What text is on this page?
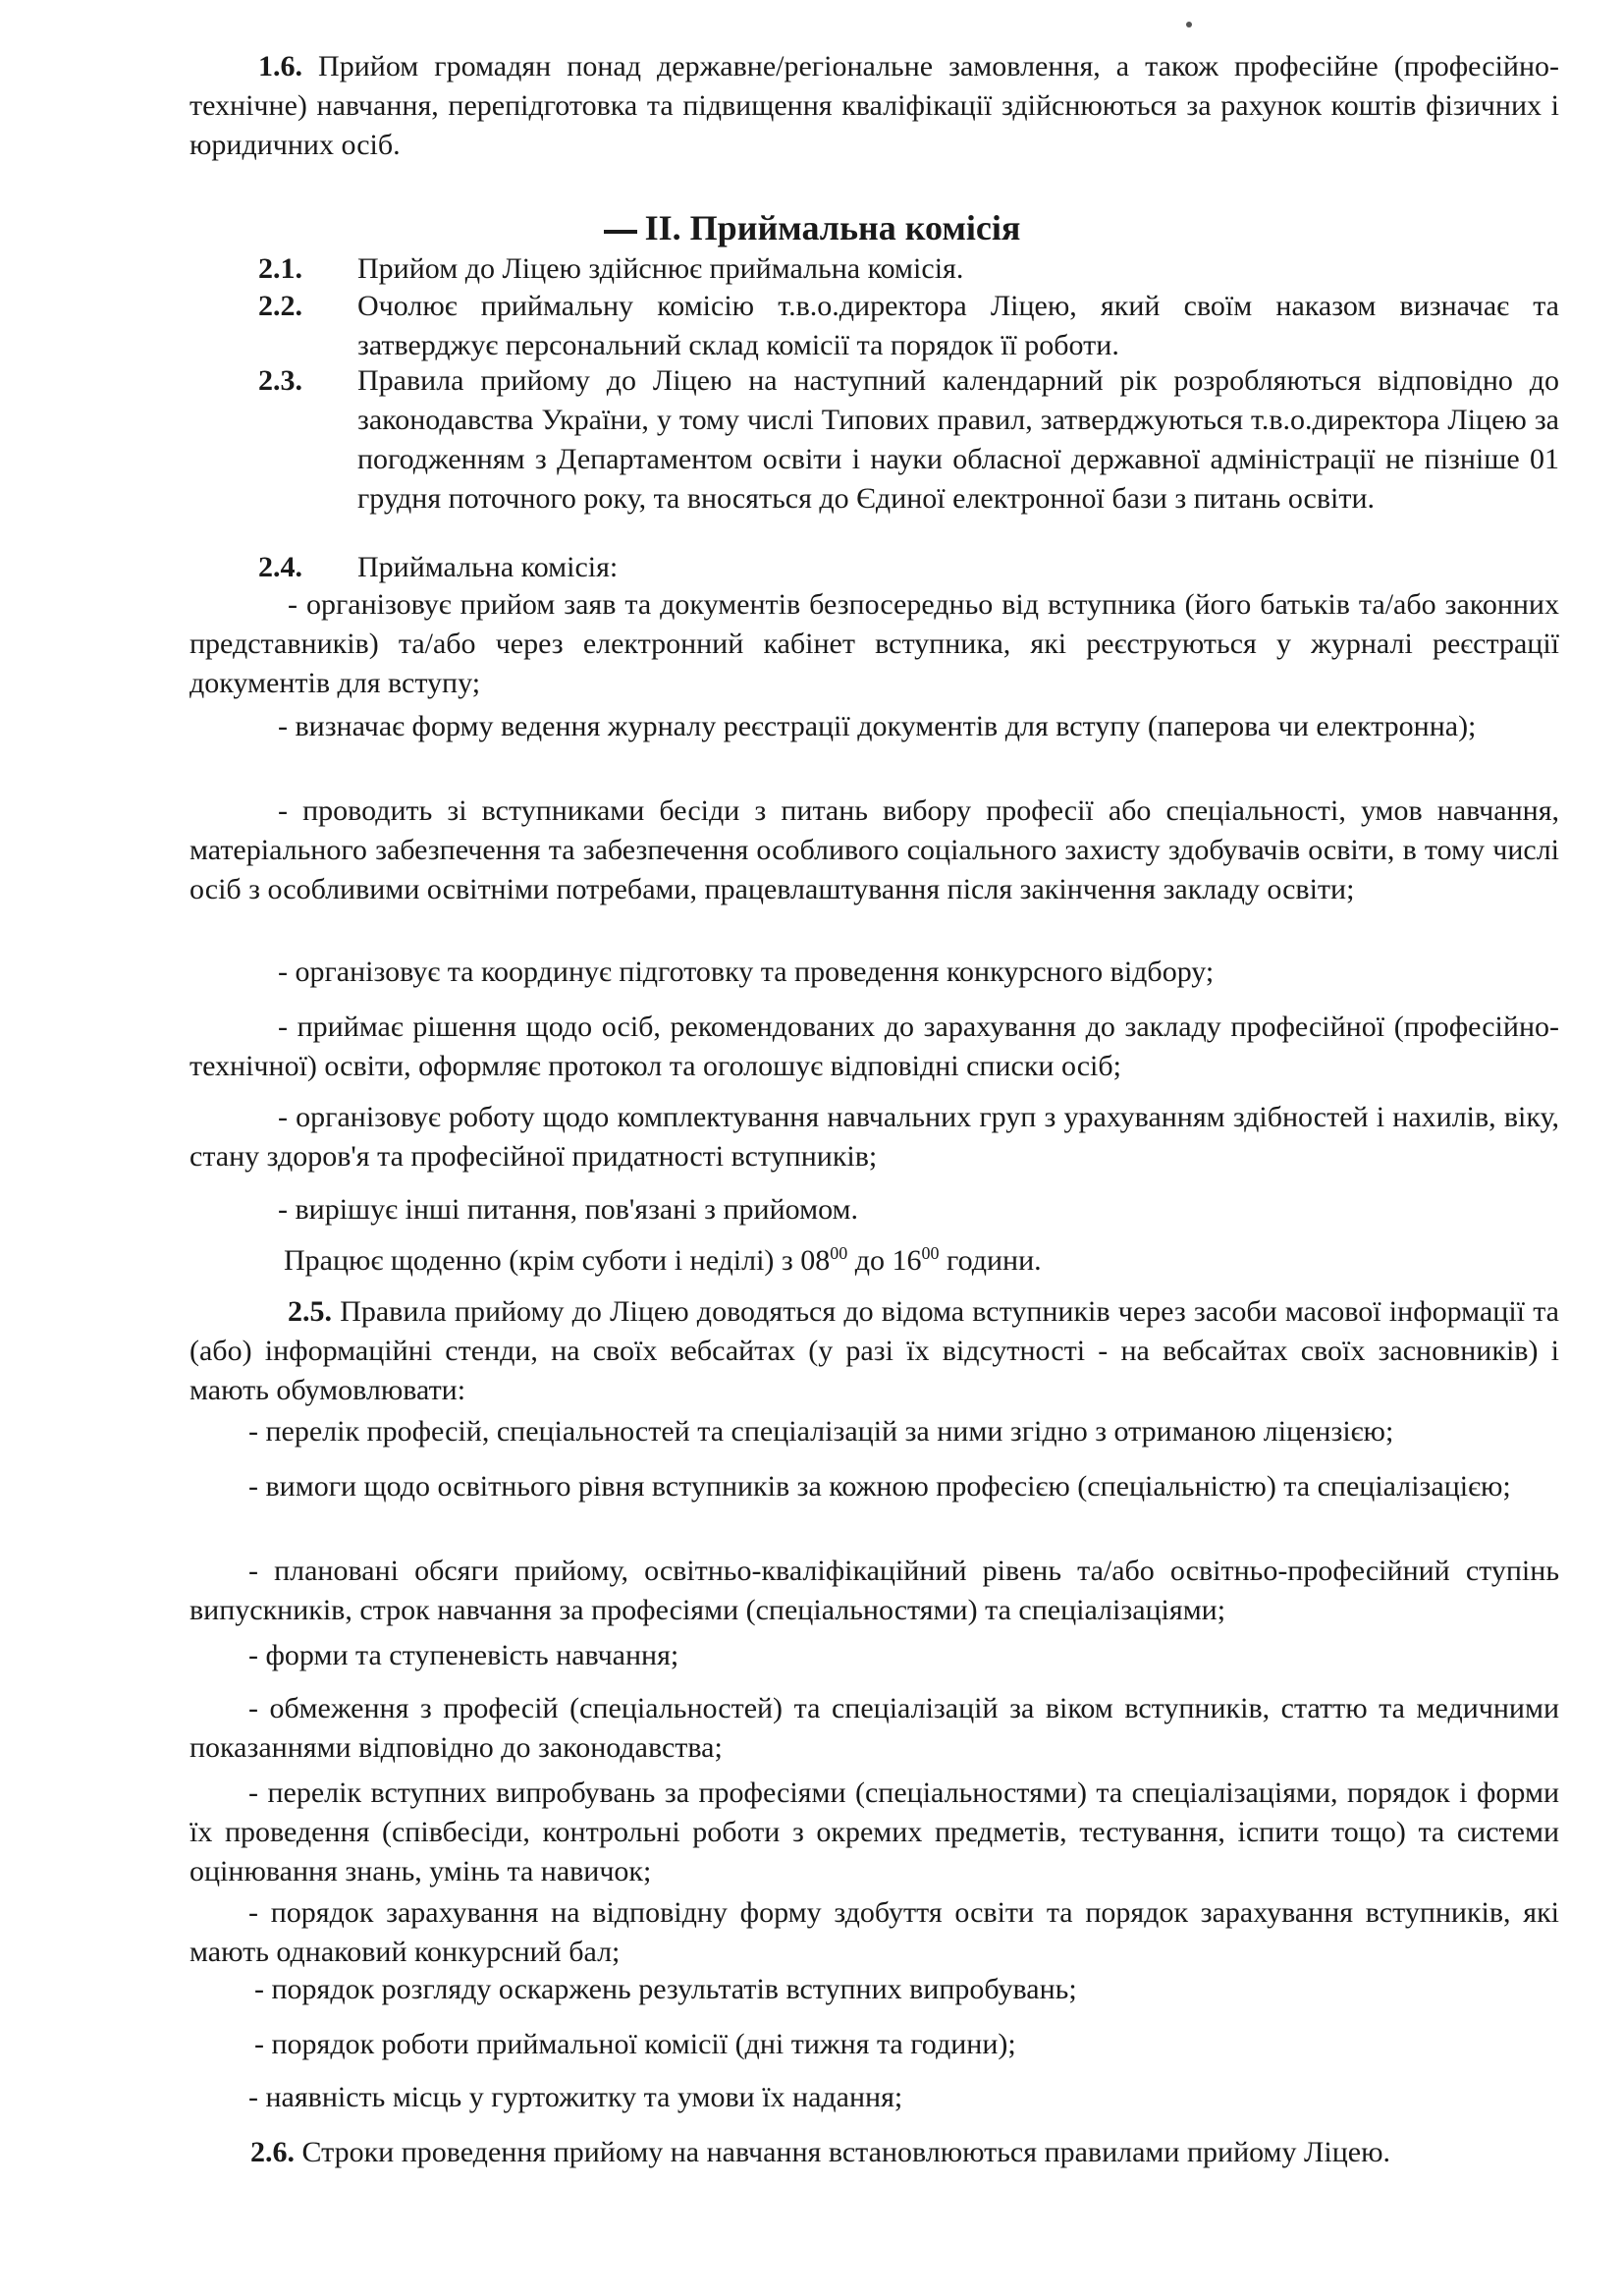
1.6. Прийом громадян понад державне/регіональне замовлення, а також професійне (професійно-технічне) навчання, перепідготовка та підвищення кваліфікації здійснюються за рахунок коштів фізичних і юридичних осіб.
ІІ. Приймальна комісія
2.1. Прийом до Ліцею здійснює приймальна комісія.
2.2. Очолює приймальну комісію т.в.о.директора Ліцею, який своїм наказом визначає та затверджує персональний склад комісії та порядок її роботи.
2.3. Правила прийому до Ліцею на наступний календарний рік розробляються відповідно до законодавства України, у тому числі Типових правил, затверджуються т.в.о.директора Ліцею за погодженням з Департаментом освіти і науки обласної державної адміністрації не пізніше 01 грудня поточного року, та вносяться до Єдиної електронної бази з питань освіти.
2.4. Приймальна комісія:
- організовує прийом заяв та документів безпосередньо від вступника (його батьків та/або законних представників) та/або через електронний кабінет вступника, які реєструються у журналі реєстрації документів для вступу;
- визначає форму ведення журналу реєстрації документів для вступу (паперова чи електронна);
- проводить зі вступниками бесіди з питань вибору професії або спеціальності, умов навчання, матеріального забезпечення та забезпечення особливого соціального захисту здобувачів освіти, в тому числі осіб з особливими освітніми потребами, працевлаштування після закінчення закладу освіти;
- організовує та координує підготовку та проведення конкурсного відбору;
- приймає рішення щодо осіб, рекомендованих до зарахування до закладу професійної (професійно-технічної) освіти, оформляє протокол та оголошує відповідні списки осіб;
- організовує роботу щодо комплектування навчальних груп з урахуванням здібностей і нахилів, віку, стану здоров'я та професійної придатності вступників;
- вирішує інші питання, пов'язані з прийомом.
Працює щоденно (крім суботи і неділі) з $08^{00}$ до $16^{00}$ години.
2.5. Правила прийому до Ліцею доводяться до відома вступників через засоби масової інформації та (або) інформаційні стенди, на своїх вебсайтах (у разі їх відсутності - на вебсайтах своїх засновників) і мають обумовлювати:
- перелік професій, спеціальностей та спеціалізацій за ними згідно з отриманою ліцензією;
- вимоги щодо освітнього рівня вступників за кожною професією (спеціальністю) та спеціалізацією;
- плановані обсяги прийому, освітньо-кваліфікаційний рівень та/або освітньо-професійний ступінь випускників, строк навчання за професіями (спеціальностями) та спеціалізаціями;
- форми та ступеневість навчання;
- обмеження з професій (спеціальностей) та спеціалізацій за віком вступників, статтю та медичними показаннями відповідно до законодавства;
- перелік вступних випробувань за професіями (спеціальностями) та спеціалізаціями, порядок і форми їх проведення (співбесіди, контрольні роботи з окремих предметів, тестування, іспити тощо) та системи оцінювання знань, умінь та навичок;
- порядок зарахування на відповідну форму здобуття освіти та порядок зарахування вступників, які мають однаковий конкурсний бал;
- порядок розгляду оскаржень результатів вступних випробувань;
- порядок роботи приймальної комісії (дні тижня та години);
- наявність місць у гуртожитку та умови їх надання;
2.6. Строки проведення прийому на навчання встановлюються правилами прийому Ліцею.
